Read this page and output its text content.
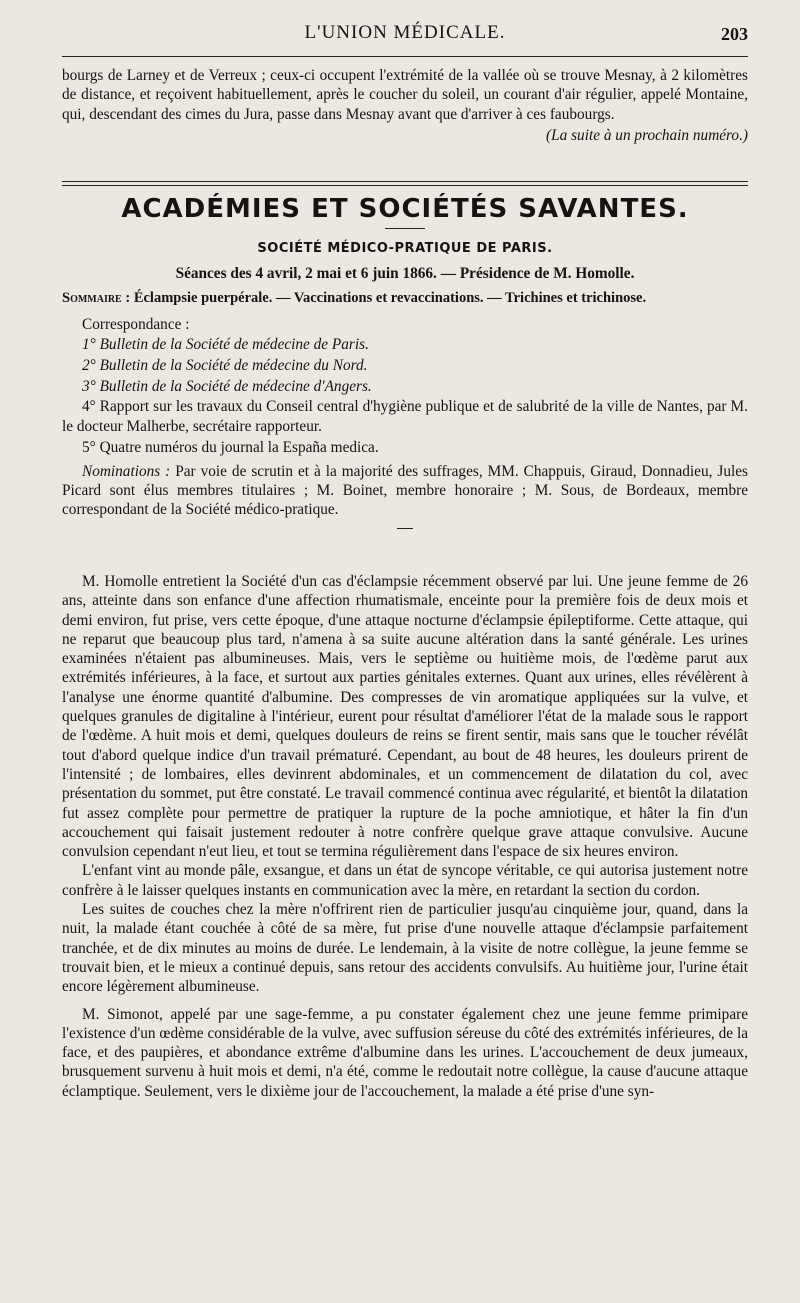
L'UNION MÉDICALE.	203

bourgs de Larney et de Verreux ; ceux-ci occupent l'extrémité de la vallée où se trouve Mesnay, à 2 kilomètres de distance, et reçoivent habituellement, après le coucher du soleil, un courant d'air régulier, appelé Montaine, qui, descendant des cimes du Jura, passe dans Mesnay avant que d'arriver à ces faubourgs.

(La suite à un prochain numéro.)

ACADÉMIES ET SOCIÉTÉS SAVANTES.
SOCIÉTÉ MÉDICO-PRATIQUE DE PARIS.

Séances des 4 avril, 2 mai et 6 juin 1866. — Présidence de M. Homolle.

Sommaire : Éclampsie puerpérale. — Vaccinations et revaccinations. — Trichines et trichinose.

Correspondance :

1° Bulletin de la Société de médecine de Paris.

2° Bulletin de la Société de médecine du Nord.

3° Bulletin de la Société de médecine d'Angers.

4° Rapport sur les travaux du Conseil central d'hygiène publique et de salubrité de la ville de Nantes, par M. le docteur Malherbe, secrétaire rapporteur.

5° Quatre numéros du journal la España medica.

Nominations : Par voie de scrutin et à la majorité des suffrages, MM. Chappuis, Giraud, Donnadieu, Jules Picard sont élus membres titulaires ; M. Boinet, membre honoraire ; M. Sous, de Bordeaux, membre correspondant de la Société médico-pratique.

M. Homolle entretient la Société d'un cas d'éclampsie récemment observé par lui. Une jeune femme de 26 ans, atteinte dans son enfance d'une affection rhumatismale, enceinte pour la première fois de deux mois et demi environ, fut prise, vers cette époque, d'une attaque nocturne d'éclampsie épileptiforme. Cette attaque, qui ne reparut que beaucoup plus tard, n'amena à sa suite aucune altération dans la santé générale. Les urines examinées n'étaient pas albumineuses. Mais, vers le septième ou huitième mois, de l'œdème parut aux extrémités inférieures, à la face, et surtout aux parties génitales externes. Quant aux urines, elles révélèrent à l'analyse une énorme quantité d'albumine. Des compresses de vin aromatique appliquées sur la vulve, et quelques granules de digitaline à l'intérieur, eurent pour résultat d'améliorer l'état de la malade sous le rapport de l'œdème. A huit mois et demi, quelques douleurs de reins se firent sentir, mais sans que le toucher révélât tout d'abord quelque indice d'un travail prématuré. Cependant, au bout de 48 heures, les douleurs prirent de l'intensité ; de lombaires, elles devinrent abdominales, et un commencement de dilatation du col, avec présentation du sommet, put être constaté. Le travail commencé continua avec régularité, et bientôt la dilatation fut assez complète pour permettre de pratiquer la rupture de la poche amniotique, et hâter la fin d'un accouchement qui faisait justement redouter à notre confrère quelque grave attaque convulsive. Aucune convulsion cependant n'eut lieu, et tout se termina régulièrement dans l'espace de six heures environ.

L'enfant vint au monde pâle, exsangue, et dans un état de syncope véritable, ce qui autorisa justement notre confrère à le laisser quelques instants en communication avec la mère, en retardant la section du cordon.

Les suites de couches chez la mère n'offrirent rien de particulier jusqu'au cinquième jour, quand, dans la nuit, la malade étant couchée à côté de sa mère, fut prise d'une nouvelle attaque d'éclampsie parfaitement tranchée, et de dix minutes au moins de durée. Le lendemain, à la visite de notre collègue, la jeune femme se trouvait bien, et le mieux a continué depuis, sans retour des accidents convulsifs. Au huitième jour, l'urine était encore légèrement albumineuse.

M. Simonot, appelé par une sage-femme, a pu constater également chez une jeune femme primipare l'existence d'un œdème considérable de la vulve, avec suffusion séreuse du côté des extrémités inférieures, de la face, et des paupières, et abondance extrême d'albumine dans les urines. L'accouchement de deux jumeaux, brusquement survenu à huit mois et demi, n'a été, comme le redoutait notre collègue, la cause d'aucune attaque éclamptique. Seulement, vers le dixième jour de l'accouchement, la malade a été prise d'une syn-
